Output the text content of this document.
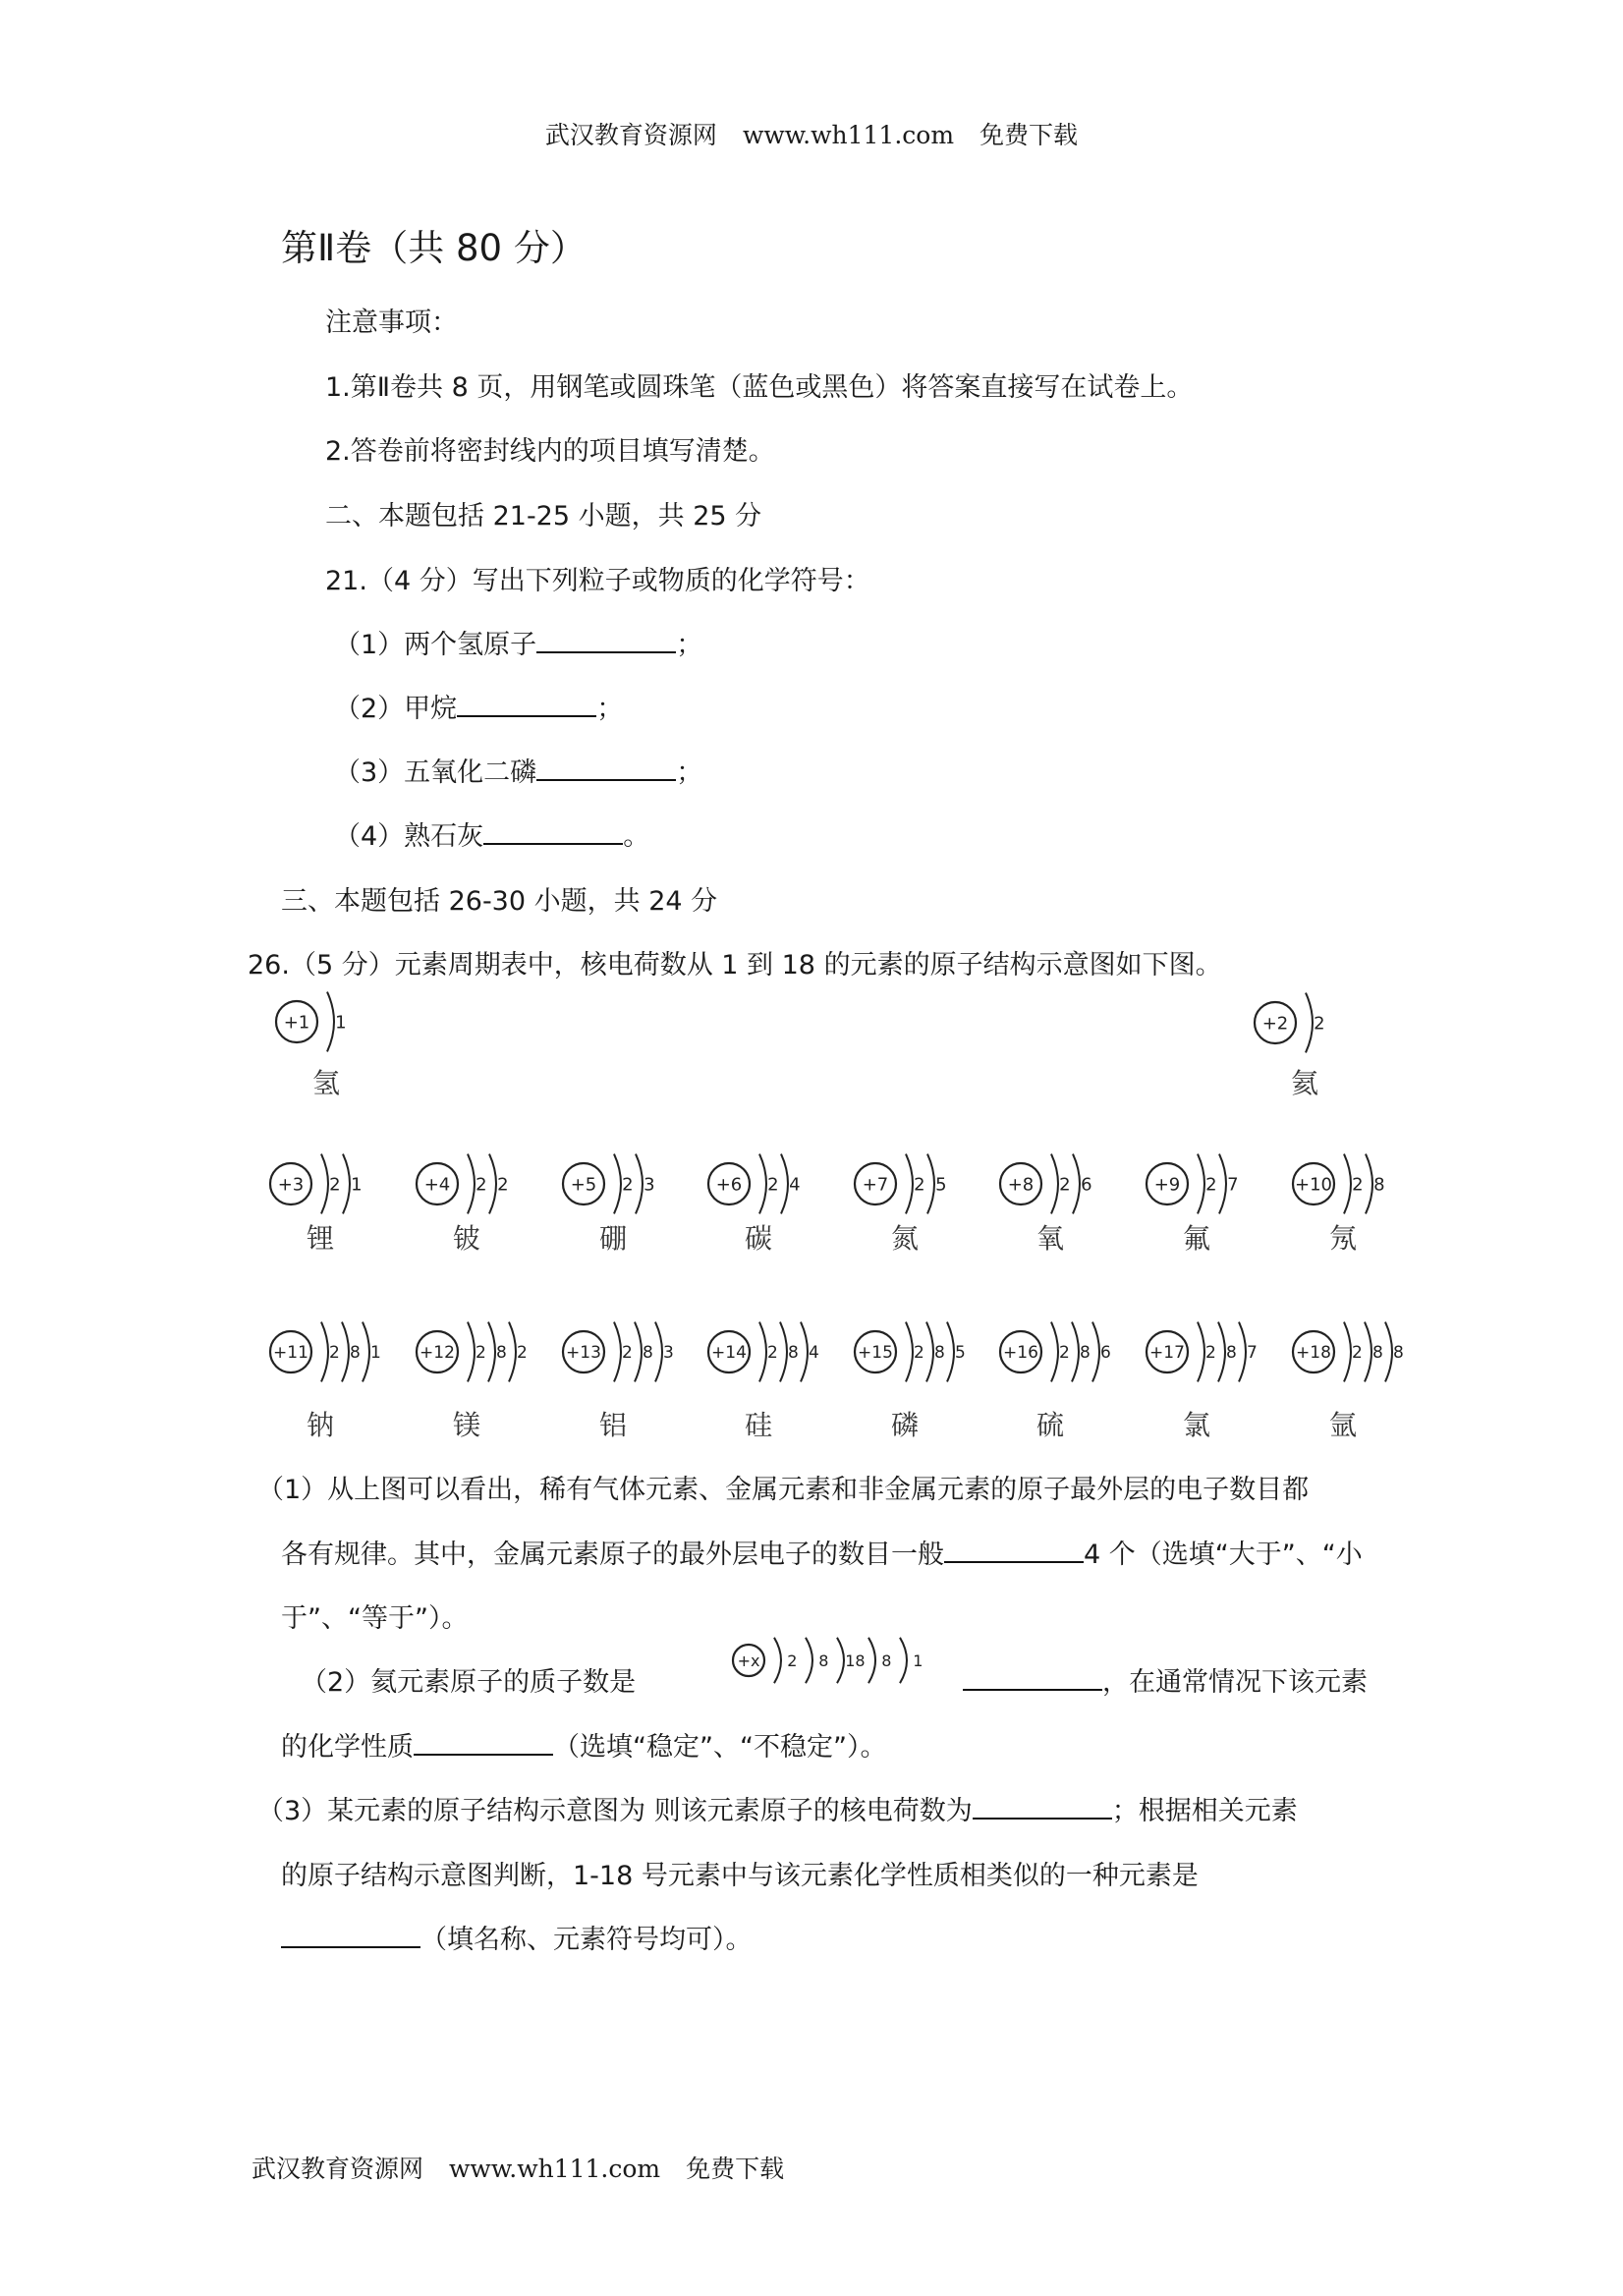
武汉教育资源网 www.wh111.com 免费下载
第Ⅱ卷（共 80 分）
注意事项：
1.第Ⅱ卷共 8 页，用钢笔或圆珠笔（蓝色或黑色）将答案直接写在试卷上。
2.答卷前将密封线内的项目填写清楚。
二、本题包括 21-25 小题，共 25 分
21.（4 分）写出下列粒子或物质的化学符号：
（1）两个氢原子	；
（2）甲烷	；
（3）五氧化二磷	；
（4）熟石灰	。
三、本题包括 26-30 小题，共 24 分
26.（5 分）元素周期表中，核电荷数从 1 到 18 的元素的原子结构示意图如下图。
+1 1
氢
+2 2
氦
+3 2 1
锂
+4 2 2
铍
+5 2 3
硼
+6 2 4
碳
+7 2 5
氮
+8 2 6
氧
+9 2 7
氟
+10 2 8
氖
+11 2 8 1
钠
+12 2 8 2
镁
+13 2 8 3
铝
+14 2 8 4
硅
+15 2 8 5
磷
+16 2 8 6
硫
+17 2 8 7
氯
+18 2 8 8
氩
（1）从上图可以看出，稀有气体元素、金属元素和非金属元素的原子最外层的电子数目都
各有规律。其中，金属元素原子的最外层电子的数目一般	4 个（选填“大于”、“小
于”、“等于”）。
（2）氦元素原子的质子数是
+x 2 8 18 8 1
，在通常情况下该元素
的化学性质	（选填“稳定”、“不稳定”）。
（3）某元素的原子结构示意图为 则该元素原子的核电荷数为	；根据相关元素
的原子结构示意图判断，1-18 号元素中与该元素化学性质相类似的一种元素是
（填名称、元素符号均可）。
武汉教育资源网 www.wh111.com 免费下载
